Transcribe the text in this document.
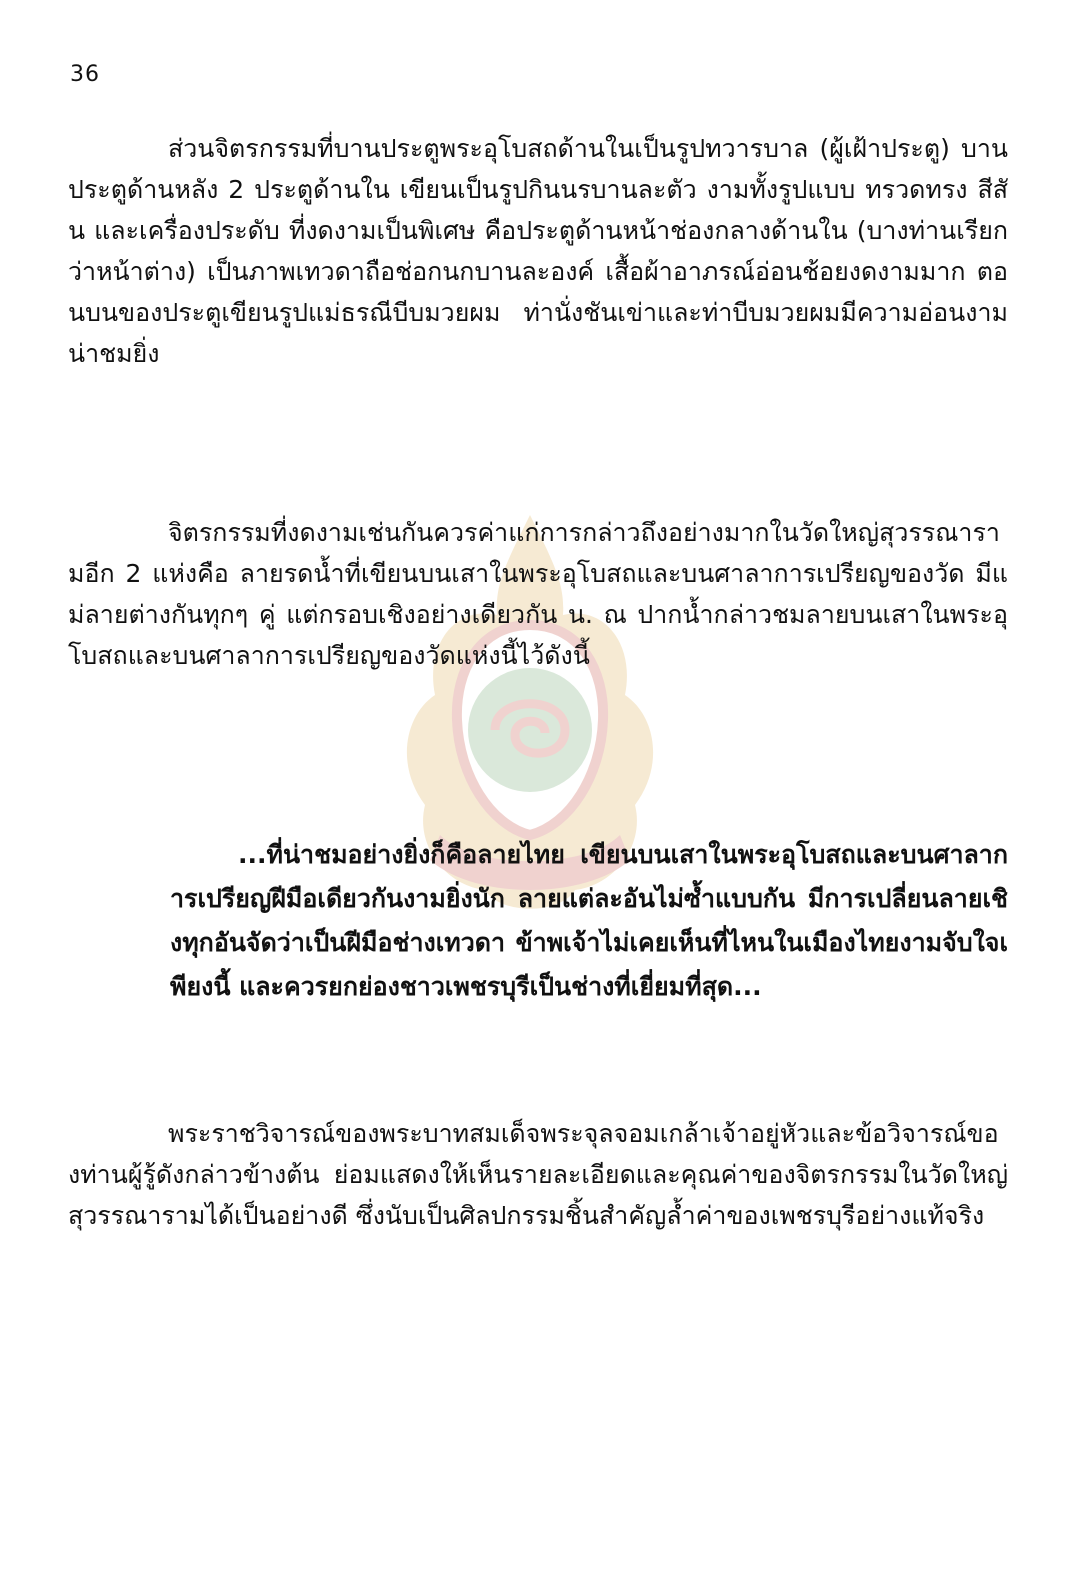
36

ส่วนจิตรกรรมที่บานประตูพระอุโบสถด้านในเป็นรูปทวารบาล (ผู้เฝ้าประตู) บานประตูด้านหลัง 2 ประตูด้านใน เขียนเป็นรูปกินนรบานละตัว งามทั้งรูปแบบ ทรวดทรง สีสัน และเครื่องประดับ ที่งดงามเป็นพิเศษ คือประตูด้านหน้าช่องกลางด้านใน (บางท่านเรียกว่าหน้าต่าง) เป็นภาพเทวดาถือช่อกนกบานละองค์ เสื้อผ้าอาภรณ์อ่อนช้อยงดงามมาก ตอนบนของประตูเขียนรูปแม่ธรณีบีบมวยผม ท่านั่งชันเข่าและท่าบีบมวยผมมีความอ่อนงามน่าชมยิ่ง

จิตรกรรมที่งดงามเช่นกันควรค่าแก่การกล่าวถึงอย่างมากในวัดใหญ่สุวรรณารามอีก 2 แห่งคือ ลายรดน้ำที่เขียนบนเสาในพระอุโบสถและบนศาลาการเปรียญของวัด มีแม่ลายต่างกันทุกๆ คู่ แต่กรอบเชิงอย่างเดียวกัน น. ณ ปากน้ำกล่าวชมลายบนเสาในพระอุโบสถและบนศาลาการเปรียญของวัดแห่งนี้ไว้ดังนี้

...ที่น่าชมอย่างยิ่งก็คือลายไทย เขียนบนเสาในพระอุโบสถและบนศาลาการเปรียญฝีมือเดียวกันงามยิ่งนัก ลายแต่ละอันไม่ซ้ำแบบกัน มีการเปลี่ยนลายเชิงทุกอันจัดว่าเป็นฝีมือช่างเทวดา ข้าพเจ้าไม่เคยเห็นที่ไหนในเมืองไทยงามจับใจเพียงนี้ และควรยกย่องชาวเพชรบุรีเป็นช่างที่เยี่ยมที่สุด...

พระราชวิจารณ์ของพระบาทสมเด็จพระจุลจอมเกล้าเจ้าอยู่หัวและข้อวิจารณ์ของท่านผู้รู้ดังกล่าวข้างต้น ย่อมแสดงให้เห็นรายละเอียดและคุณค่าของจิตรกรรมในวัดใหญ่สุวรรณารามได้เป็นอย่างดี ซึ่งนับเป็นศิลปกรรมชิ้นสำคัญล้ำค่าของเพชรบุรีอย่างแท้จริง
